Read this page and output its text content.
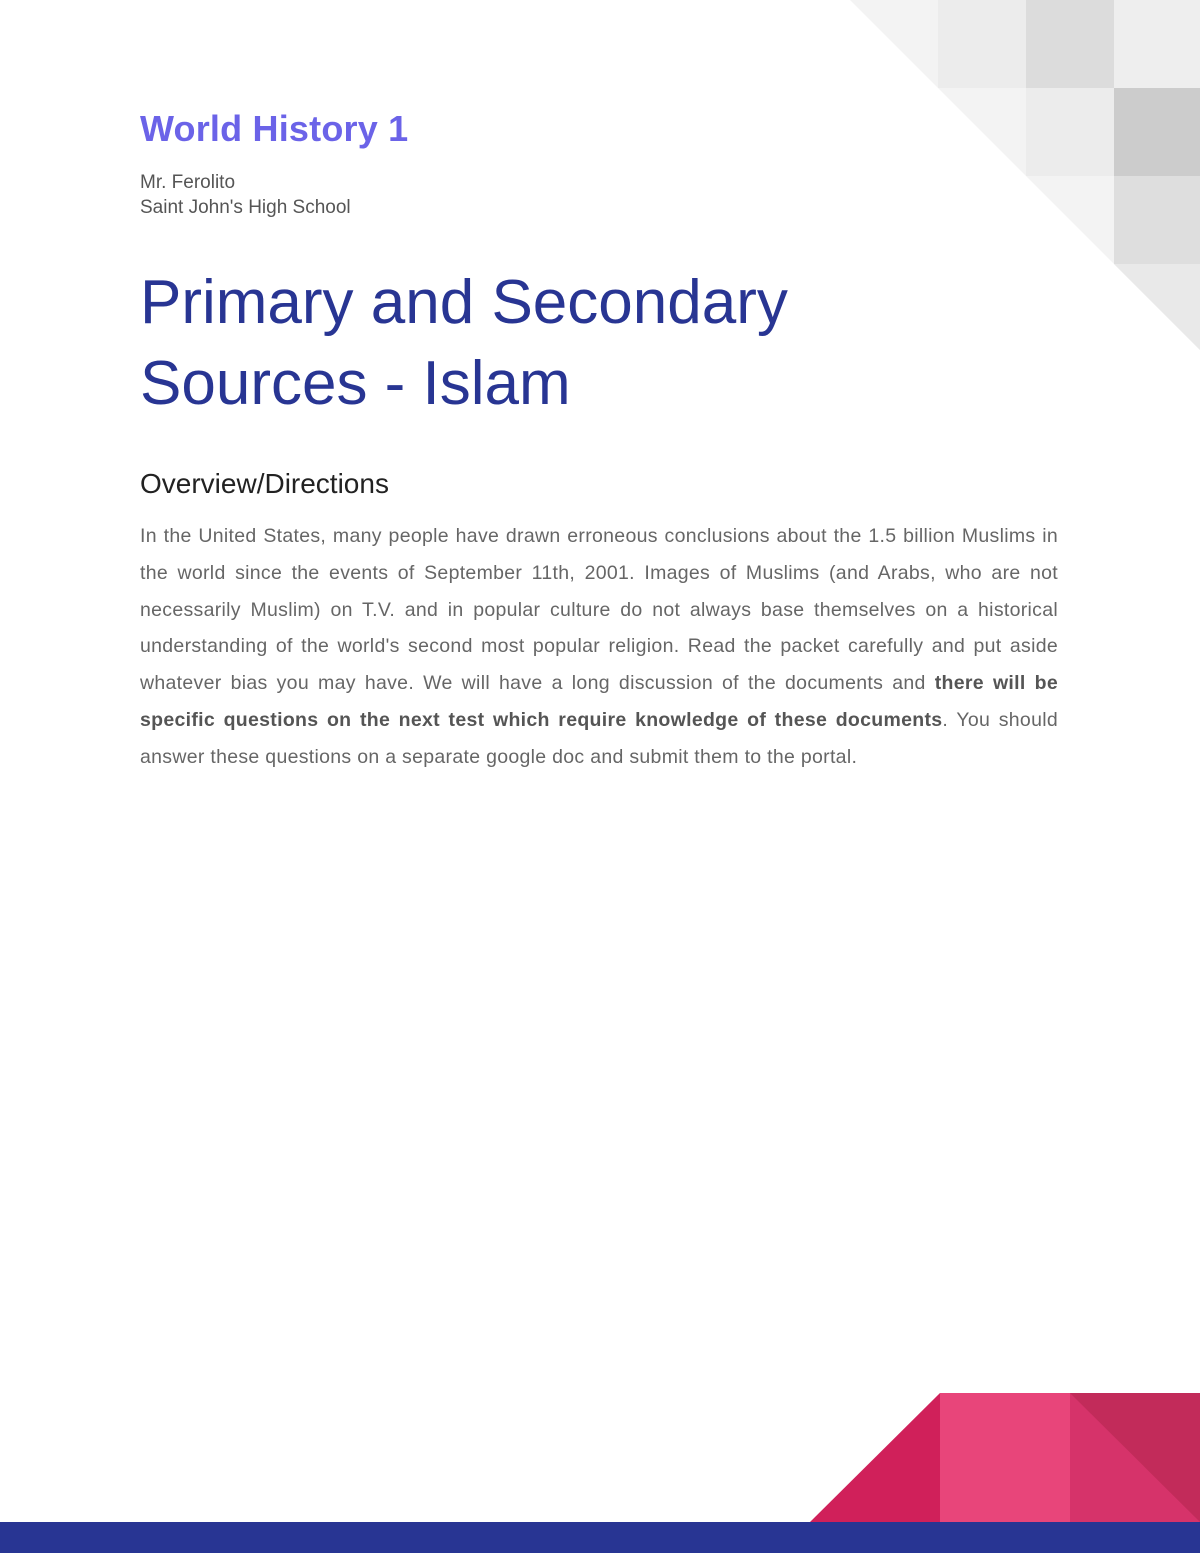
World History 1

Mr. Ferolito

Saint John's High School

Primary and Secondary Sources - Islam
Overview/Directions

In the United States, many people have drawn erroneous conclusions about the 1.5 billion Muslims in the world since the events of September 11th, 2001. Images of Muslims (and Arabs, who are not necessarily Muslim) on T.V. and in popular culture do not always base themselves on a historical understanding of the world's second most popular religion. Read the packet carefully and put aside whatever bias you may have. We will have a long discussion of the documents and there will be specific questions on the next test which require knowledge of these documents. You should answer these questions on a separate google doc and submit them to the portal.
